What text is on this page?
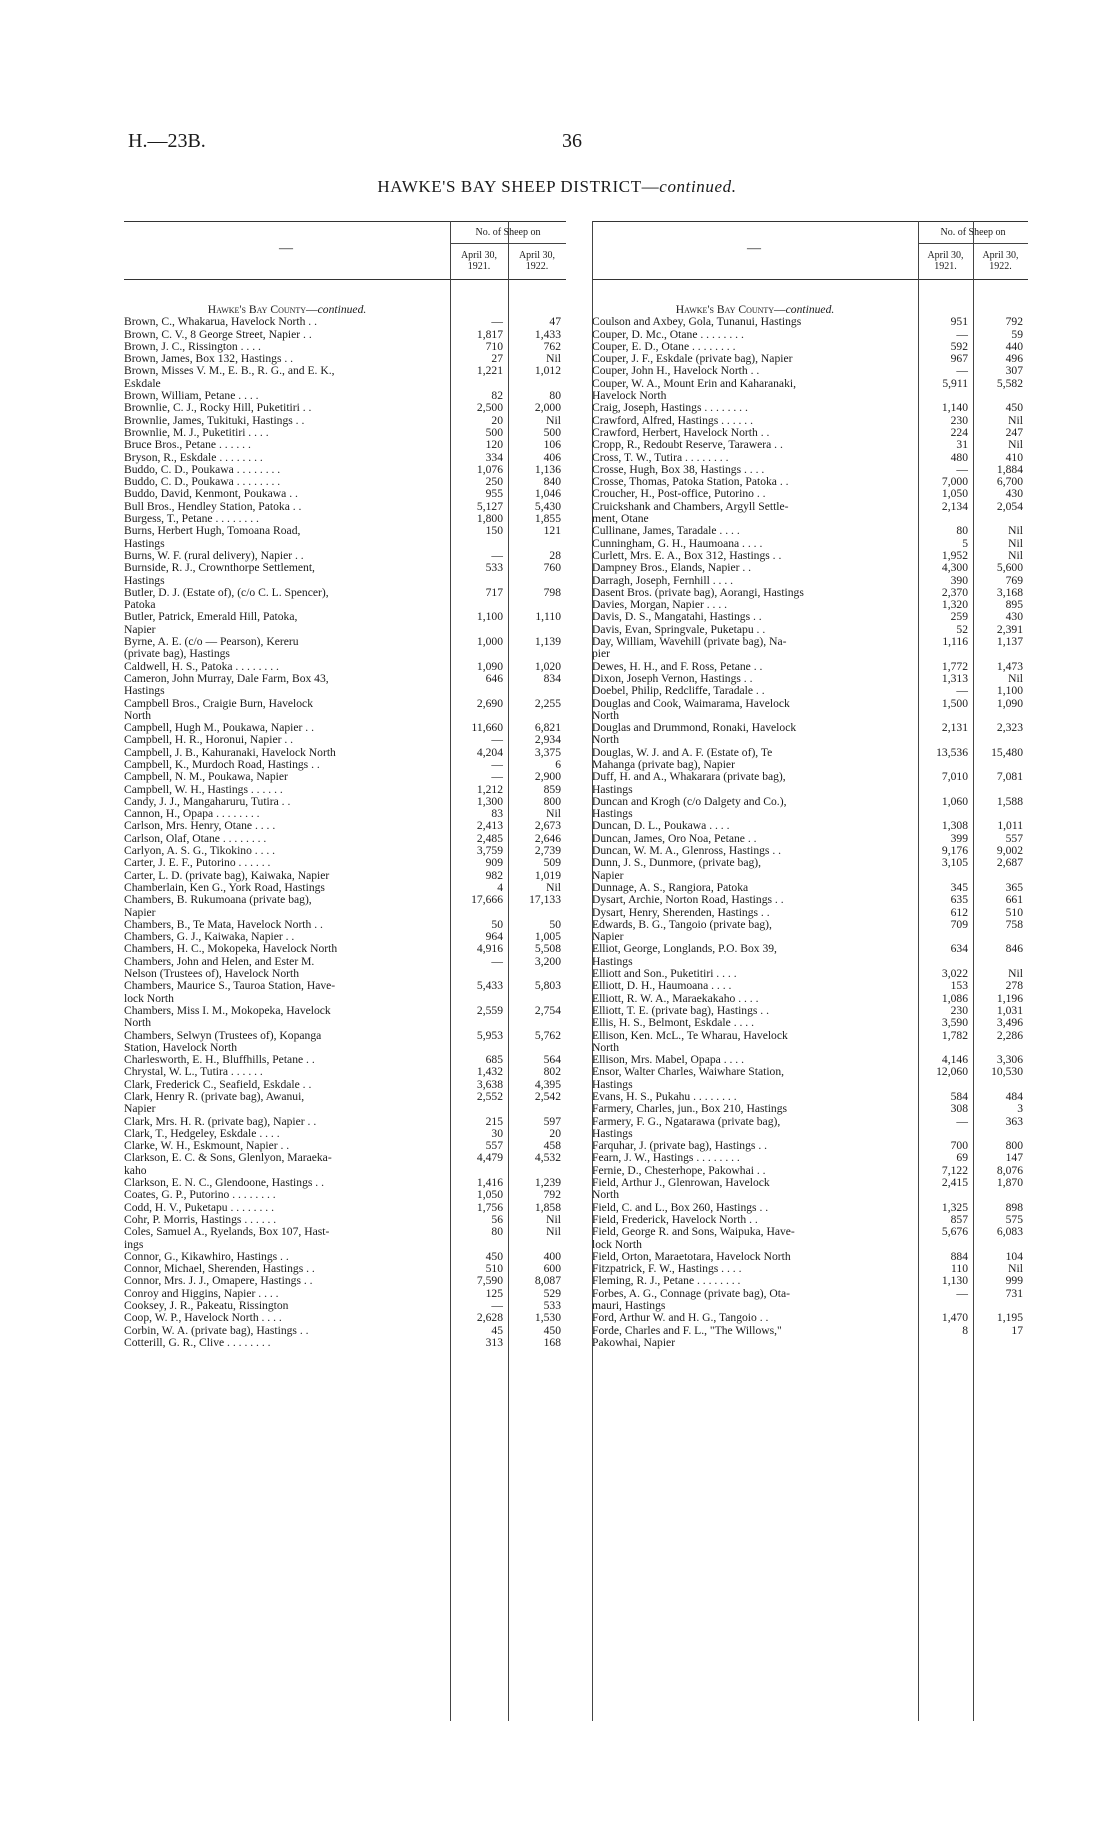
H.—23B.	36
HAWKE'S BAY SHEEP DISTRICT—continued.
—
No. of Sheep on
April 30,
1921.
April 30,
1922.
Hawke's Bay County—continued.
Brown, C., Whakarua, Havelock North . .	—	47
Brown, C. V., 8 George Street, Napier . .	1,817	1,433
Brown, J. C., Rissington . . . .	710	762
Brown, James, Box 132, Hastings . .	27	Nil
Brown, Misses V. M., E. B., R. G., and E. K.,	1,221	1,012
Eskdale
Brown, William, Petane . . . .	82	80
Brownlie, C. J., Rocky Hill, Puketitiri . .	2,500	2,000
Brownlie, James, Tukituki, Hastings . .	20	Nil
Brownlie, M. J., Puketitiri . . . .	500	500
Bruce Bros., Petane . . . . . .	120	106
Bryson, R., Eskdale . . . . . . . .	334	406
Buddo, C. D., Poukawa . . . . . . . .	1,076	1,136
Buddo, C. D., Poukawa . . . . . . . .	250	840
Buddo, David, Kenmont, Poukawa . .	955	1,046
Bull Bros., Hendley Station, Patoka . .	5,127	5,430
Burgess, T., Petane . . . . . . . .	1,800	1,855
Burns, Herbert Hugh, Tomoana Road,	150	121
Hastings
Burns, W. F. (rural delivery), Napier . .	—	28
Burnside, R. J., Crownthorpe Settlement,	533	760
Hastings
Butler, D. J. (Estate of), (c/o C. L. Spencer),	717	798
Patoka
Butler, Patrick, Emerald Hill, Patoka,	1,100	1,110
Napier
Byrne, A. E. (c/o — Pearson), Kereru	1,000	1,139
(private bag), Hastings
Caldwell, H. S., Patoka . . . . . . . .	1,090	1,020
Cameron, John Murray, Dale Farm, Box 43,	646	834
Hastings
Campbell Bros., Craigie Burn, Havelock	2,690	2,255
North
Campbell, Hugh M., Poukawa, Napier . .	11,660	6,821
Campbell, H. R., Horonui, Napier . .	—	2,934
Campbell, J. B., Kahuranaki, Havelock North	4,204	3,375
Campbell, K., Murdoch Road, Hastings . .	—	6
Campbell, N. M., Poukawa, Napier	—	2,900
Campbell, W. H., Hastings . . . . . .	1,212	859
Candy, J. J., Mangaharuru, Tutira . .	1,300	800
Cannon, H., Opapa . . . . . . . .	83	Nil
Carlson, Mrs. Henry, Otane . . . .	2,413	2,673
Carlson, Olaf, Otane . . . . . . . .	2,485	2,646
Carlyon, A. S. G., Tikokino . . . .	3,759	2,739
Carter, J. E. F., Putorino . . . . . .	909	509
Carter, L. D. (private bag), Kaiwaka, Napier	982	1,019
Chamberlain, Ken G., York Road, Hastings	4	Nil
Chambers, B. Rukumoana (private bag),	17,666	17,133
Napier
Chambers, B., Te Mata, Havelock North . .	50	50
Chambers, G. J., Kaiwaka, Napier . .	964	1,005
Chambers, H. C., Mokopeka, Havelock North	4,916	5,508
Chambers, John and Helen, and Ester M.	—	3,200
Nelson (Trustees of), Havelock North
Chambers, Maurice S., Tauroa Station, Have-	5,433	5,803
lock North
Chambers, Miss I. M., Mokopeka, Havelock	2,559	2,754
North
Chambers, Selwyn (Trustees of), Kopanga	5,953	5,762
Station, Havelock North
Charlesworth, E. H., Bluffhills, Petane . .	685	564
Chrystal, W. L., Tutira . . . . . .	1,432	802
Clark, Frederick C., Seafield, Eskdale . .	3,638	4,395
Clark, Henry R. (private bag), Awanui,	2,552	2,542
Napier
Clark, Mrs. H. R. (private bag), Napier . .	215	597
Clark, T., Hedgeley, Eskdale . . . .	30	20
Clarke, W. H., Eskmount, Napier . .	557	458
Clarkson, E. C. & Sons, Glenlyon, Maraeka-	4,479	4,532
kaho
Clarkson, E. N. C., Glendoone, Hastings . .	1,416	1,239
Coates, G. P., Putorino . . . . . . . .	1,050	792
Codd, H. V., Puketapu . . . . . . . .	1,756	1,858
Cohr, P. Morris, Hastings . . . . . .	56	Nil
Coles, Samuel A., Ryelands, Box 107, Hast-	80	Nil
ings
Connor, G., Kikawhiro, Hastings . .	450	400
Connor, Michael, Sherenden, Hastings . .	510	600
Connor, Mrs. J. J., Omapere, Hastings . .	7,590	8,087
Conroy and Higgins, Napier . . . .	125	529
Cooksey, J. R., Pakeatu, Rissington	—	533
Coop, W. P., Havelock North . . . .	2,628	1,530
Corbin, W. A. (private bag), Hastings . .	45	450
Cotterill, G. R., Clive . . . . . . . .	313	168
—
No. of Sheep on
April 30,
1921.
April 30,
1922.
Hawke's Bay County—continued.
Coulson and Axbey, Gola, Tunanui, Hastings	951	792
Couper, D. Mc., Otane . . . . . . . .	—	59
Couper, E. D., Otane . . . . . . . .	592	440
Couper, J. F., Eskdale (private bag), Napier	967	496
Couper, John H., Havelock North . .	—	307
Couper, W. A., Mount Erin and Kaharanaki,	5,911	5,582
Havelock North
Craig, Joseph, Hastings . . . . . . . .	1,140	450
Crawford, Alfred, Hastings . . . . . .	230	Nil
Crawford, Herbert, Havelock North . .	224	247
Cropp, R., Redoubt Reserve, Tarawera . .	31	Nil
Cross, T. W., Tutira . . . . . . . .	480	410
Crosse, Hugh, Box 38, Hastings . . . .	—	1,884
Crosse, Thomas, Patoka Station, Patoka . .	7,000	6,700
Croucher, H., Post-office, Putorino . .	1,050	430
Cruickshank and Chambers, Argyll Settle-	2,134	2,054
ment, Otane
Cullinane, James, Taradale . . . .	80	Nil
Cunningham, G. H., Haumoana . . . .	5	Nil
Curlett, Mrs. E. A., Box 312, Hastings . .	1,952	Nil
Dampney Bros., Elands, Napier . .	4,300	5,600
Darragh, Joseph, Fernhill . . . .	390	769
Dasent Bros. (private bag), Aorangi, Hastings	2,370	3,168
Davies, Morgan, Napier . . . .	1,320	895
Davis, D. S., Mangatahi, Hastings . .	259	430
Davis, Evan, Springvale, Puketapu . .	52	2,391
Day, William, Wavehill (private bag), Na-	1,116	1,137
pier
Dewes, H. H., and F. Ross, Petane . .	1,772	1,473
Dixon, Joseph Vernon, Hastings . .	1,313	Nil
Doebel, Philip, Redcliffe, Taradale . .	—	1,100
Douglas and Cook, Waimarama, Havelock	1,500	1,090
North
Douglas and Drummond, Ronaki, Havelock	2,131	2,323
North
Douglas, W. J. and A. F. (Estate of), Te	13,536	15,480
Mahanga (private bag), Napier
Duff, H. and A., Whakarara (private bag),	7,010	7,081
Hastings
Duncan and Krogh (c/o Dalgety and Co.),	1,060	1,588
Hastings
Duncan, D. L., Poukawa . . . .	1,308	1,011
Duncan, James, Oro Noa, Petane . .	399	557
Duncan, W. M. A., Glenross, Hastings . .	9,176	9,002
Dunn, J. S., Dunmore, (private bag),	3,105	2,687
Napier
Dunnage, A. S., Rangiora, Patoka	345	365
Dysart, Archie, Norton Road, Hastings . .	635	661
Dysart, Henry, Sherenden, Hastings . .	612	510
Edwards, B. G., Tangoio (private bag),	709	758
Napier
Elliot, George, Longlands, P.O. Box 39,	634	846
Hastings
Elliott and Son., Puketitiri . . . .	3,022	Nil
Elliott, D. H., Haumoana . . . .	153	278
Elliott, R. W. A., Maraekakaho . . . .	1,086	1,196
Elliott, T. E. (private bag), Hastings . .	230	1,031
Ellis, H. S., Belmont, Eskdale . . . .	3,590	3,496
Ellison, Ken. McL., Te Wharau, Havelock	1,782	2,286
North
Ellison, Mrs. Mabel, Opapa . . . .	4,146	3,306
Ensor, Walter Charles, Waiwhare Station,	12,060	10,530
Hastings
Evans, H. S., Pukahu . . . . . . . .	584	484
Farmery, Charles, jun., Box 210, Hastings	308	3
Farmery, F. G., Ngatarawa (private bag),	—	363
Hastings
Farquhar, J. (private bag), Hastings . .	700	800
Fearn, J. W., Hastings . . . . . . . .	69	147
Fernie, D., Chesterhope, Pakowhai . .	7,122	8,076
Field, Arthur J., Glenrowan, Havelock	2,415	1,870
North
Field, C. and L., Box 260, Hastings . .	1,325	898
Field, Frederick, Havelock North . .	857	575
Field, George R. and Sons, Waipuka, Have-	5,676	6,083
lock North
Field, Orton, Maraetotara, Havelock North	884	104
Fitzpatrick, F. W., Hastings . . . .	110	Nil
Fleming, R. J., Petane . . . . . . . .	1,130	999
Forbes, A. G., Connage (private bag), Ota-	—	731
mauri, Hastings
Ford, Arthur W. and H. G., Tangoio . .	1,470	1,195
Forde, Charles and F. L., "The Willows,"	8	17
Pakowhai, Napier
